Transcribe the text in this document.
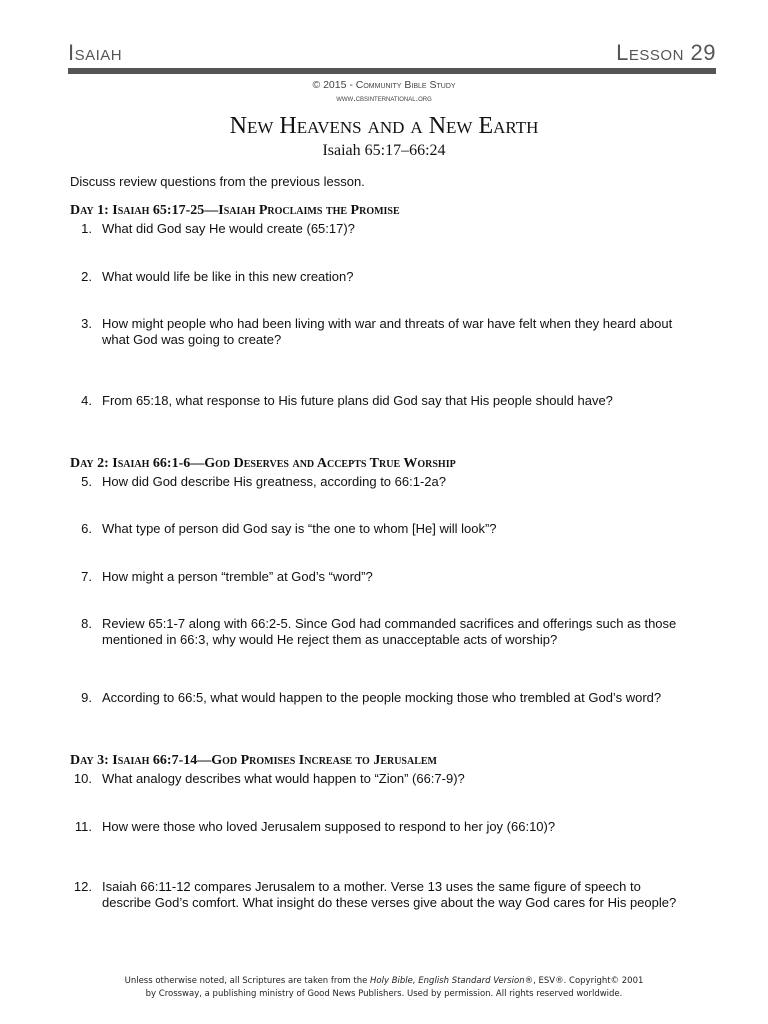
Isaiah	Lesson 29
© 2015 - Community Bible Study
www.cbsinternational.org
New Heavens and a New Earth
Isaiah 65:17–66:24
Discuss review questions from the previous lesson.
Day 1: Isaiah 65:17-25—Isaiah Proclaims the Promise
1. What did God say He would create (65:17)?
2. What would life be like in this new creation?
3. How might people who had been living with war and threats of war have felt when they heard about what God was going to create?
4. From 65:18, what response to His future plans did God say that His people should have?
Day 2: Isaiah 66:1-6—God Deserves and Accepts True Worship
5. How did God describe His greatness, according to 66:1-2a?
6. What type of person did God say is “the one to whom [He] will look”?
7. How might a person “tremble” at God’s “word”?
8. Review 65:1-7 along with 66:2-5. Since God had commanded sacrifices and offerings such as those mentioned in 66:3, why would He reject them as unacceptable acts of worship?
9. According to 66:5, what would happen to the people mocking those who trembled at God’s word?
Day 3: Isaiah 66:7-14—God Promises Increase to Jerusalem
10. What analogy describes what would happen to “Zion” (66:7-9)?
11. How were those who loved Jerusalem supposed to respond to her joy (66:10)?
12. Isaiah 66:11-12 compares Jerusalem to a mother. Verse 13 uses the same figure of speech to describe God’s comfort. What insight do these verses give about the way God cares for His people?
Unless otherwise noted, all Scriptures are taken from the Holy Bible, English Standard Version®, ESV®. Copyright© 2001
by Crossway, a publishing ministry of Good News Publishers. Used by permission. All rights reserved worldwide.
